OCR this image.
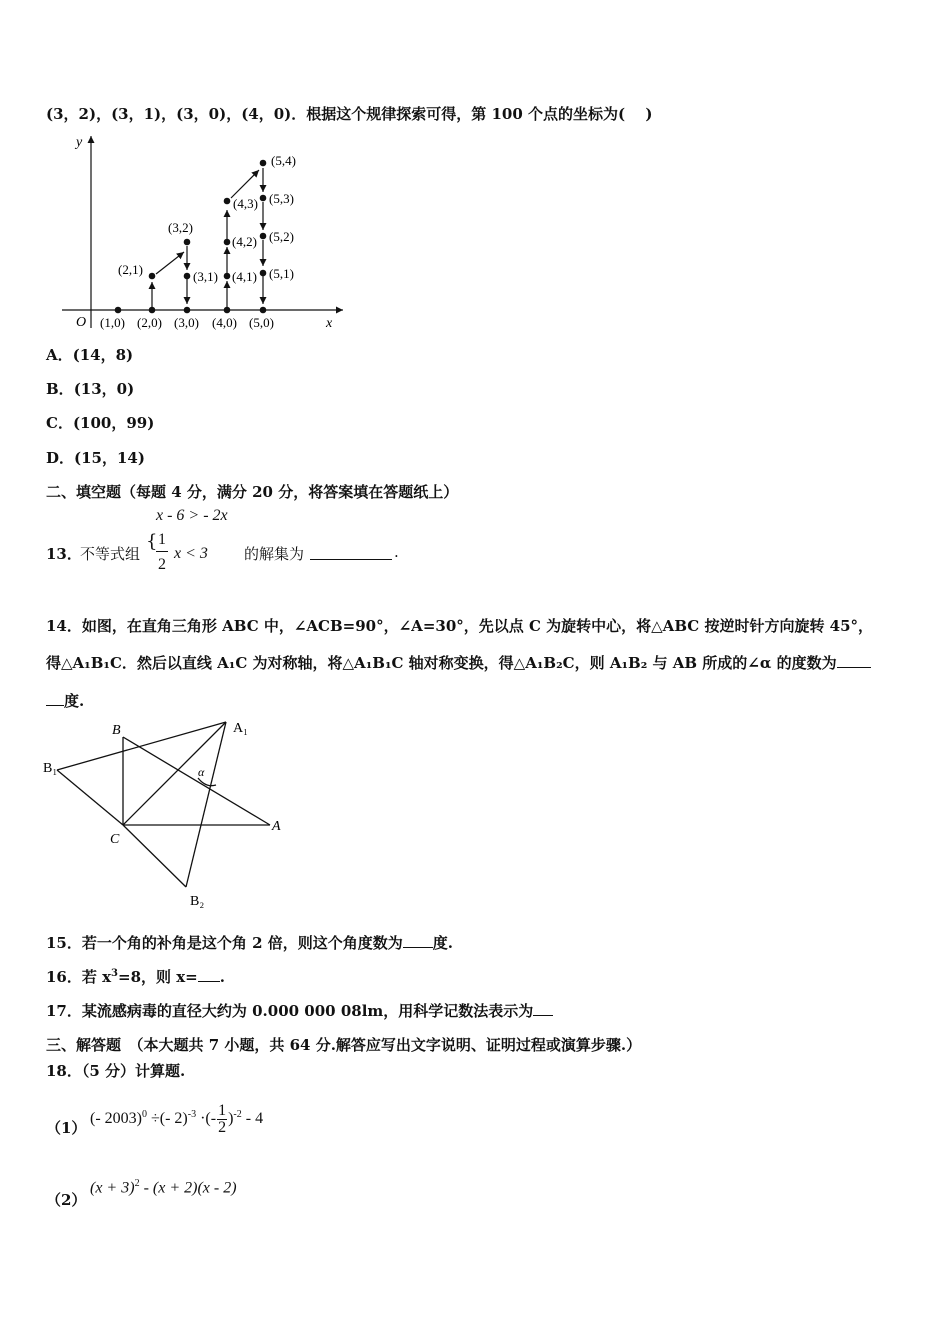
(3，2)，(3，1)，(3，0)，(4，0)．根据这个规律探索可得，第 100 个点的坐标为(　 )
x
y
O (1,0) (2,0) (3,0) (4,0) (5,0)
(2,1)
(3,2)
(3,1)
(4,3)
(4,2)
(4,1)
(5,4)
(5,3)
(5,2)
(5,1)
A．(14，8)
B．(13，0)
C．(100，99)
D．(15，14)
二、填空题（每题 4 分，满分 20 分，将答案填在答题纸上）
x - 6 > - 2x
13．
不等式组
{ 1
2
x < 3 的解集为	.
14．如图，在直角三角形 ABC 中，∠ACB=90°，∠A=30°，先以点 C 为旋转中心，将△ABC 按逆时针方向旋转 45°，
得△A₁B₁C．然后以直线 A₁C 为对称轴，将△A₁B₁C 轴对称变换，得△A₁B₂C，则 A₁B₂ 与 AB 所成的∠α 的度数为
度.
B	A₁
B₁	α
C
A
B₂
15．若一个角的补角是这个角 2 倍，则这个角度数为 度.
16．若 $x^3=8$，则 x= .
17．某流感病毒的直径大约为 0.000 000 08lm，用科学记数法表示为
三、解答题　（本大题共 7 小题，共 64 分.解答应写出文字说明、证明过程或演算步骤.）
18．（5 分）计算题.
（1）
(- 2003)$^0$ ÷(- 2)$^{-3}$ ·(- $\frac{1}{2} )^{-2} - 4$
（2）
$(x + 3)^2 - (x + 2)(x - 2)$
